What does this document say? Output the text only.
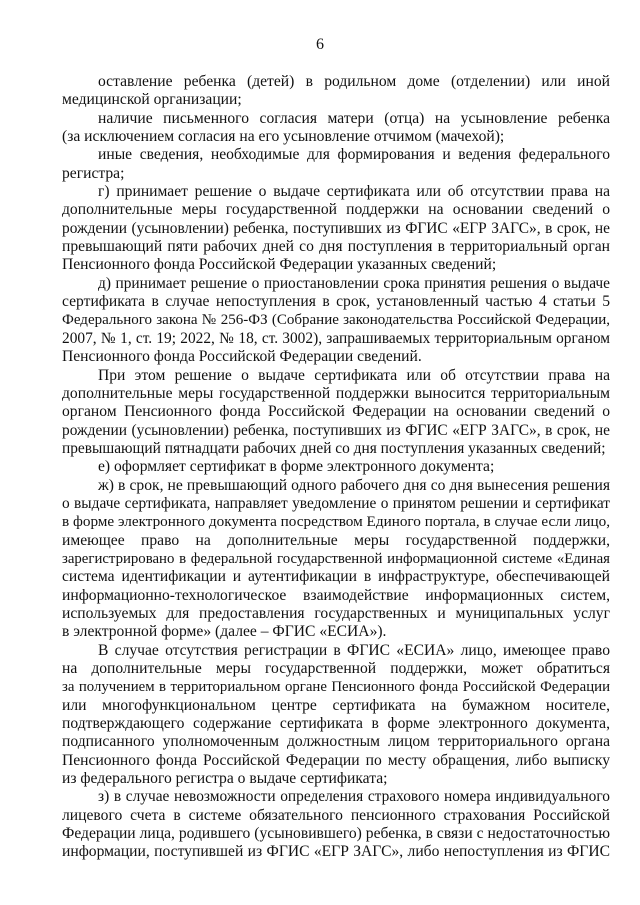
6
оставление ребенка (детей) в родильном доме (отделении) или иной
медицинской организации;
наличие письменного согласия матери (отца) на усыновление ребенка
(за исключением согласия на его усыновление отчимом (мачехой);
иные сведения, необходимые для формирования и ведения федерального
регистра;
г) принимает решение о выдаче сертификата или об отсутствии права на
дополнительные меры государственной поддержки на основании сведений о
рождении (усыновлении) ребенка, поступивших из ФГИС «ЕГР ЗАГС», в срок, не
превышающий пяти рабочих дней со дня поступления в территориальный орган
Пенсионного фонда Российской Федерации указанных сведений;
д) принимает решение о приостановлении срока принятия решения о выдаче
сертификата в случае непоступления в срок, установленный частью 4 статьи 5
Федерального закона № 256-ФЗ (Собрание законодательства Российской Федерации,
2007, № 1, ст. 19; 2022, № 18, ст. 3002), запрашиваемых территориальным органом
Пенсионного фонда Российской Федерации сведений.
При этом решение о выдаче сертификата или об отсутствии права на
дополнительные меры государственной поддержки выносится территориальным
органом Пенсионного фонда Российской Федерации на основании сведений о
рождении (усыновлении) ребенка, поступивших из ФГИС «ЕГР ЗАГС», в срок, не
превышающий пятнадцати рабочих дней со дня поступления указанных сведений;
е) оформляет сертификат в форме электронного документа;
ж) в срок, не превышающий одного рабочего дня со дня вынесения решения
о выдаче сертификата, направляет уведомление о принятом решении и сертификат
в форме электронного документа посредством Единого портала, в случае если лицо,
имеющее право на дополнительные меры государственной поддержки,
зарегистрировано в федеральной государственной информационной системе «Единая
система идентификации и аутентификации в инфраструктуре, обеспечивающей
информационно-технологическое взаимодействие информационных систем,
используемых для предоставления государственных и муниципальных услуг
в электронной форме» (далее – ФГИС «ЕСИА»).
В случае отсутствия регистрации в ФГИС «ЕСИА» лицо, имеющее право
на дополнительные меры государственной поддержки, может обратиться
за получением в территориальном органе Пенсионного фонда Российской Федерации
или многофункциональном центре сертификата на бумажном носителе,
подтверждающего содержание сертификата в форме электронного документа,
подписанного уполномоченным должностным лицом территориального органа
Пенсионного фонда Российской Федерации по месту обращения, либо выписку
из федерального регистра о выдаче сертификата;
з) в случае невозможности определения страхового номера индивидуального
лицевого счета в системе обязательного пенсионного страхования Российской
Федерации лица, родившего (усыновившего) ребенка, в связи с недостаточностью
информации, поступившей из ФГИС «ЕГР ЗАГС», либо непоступления из ФГИС
